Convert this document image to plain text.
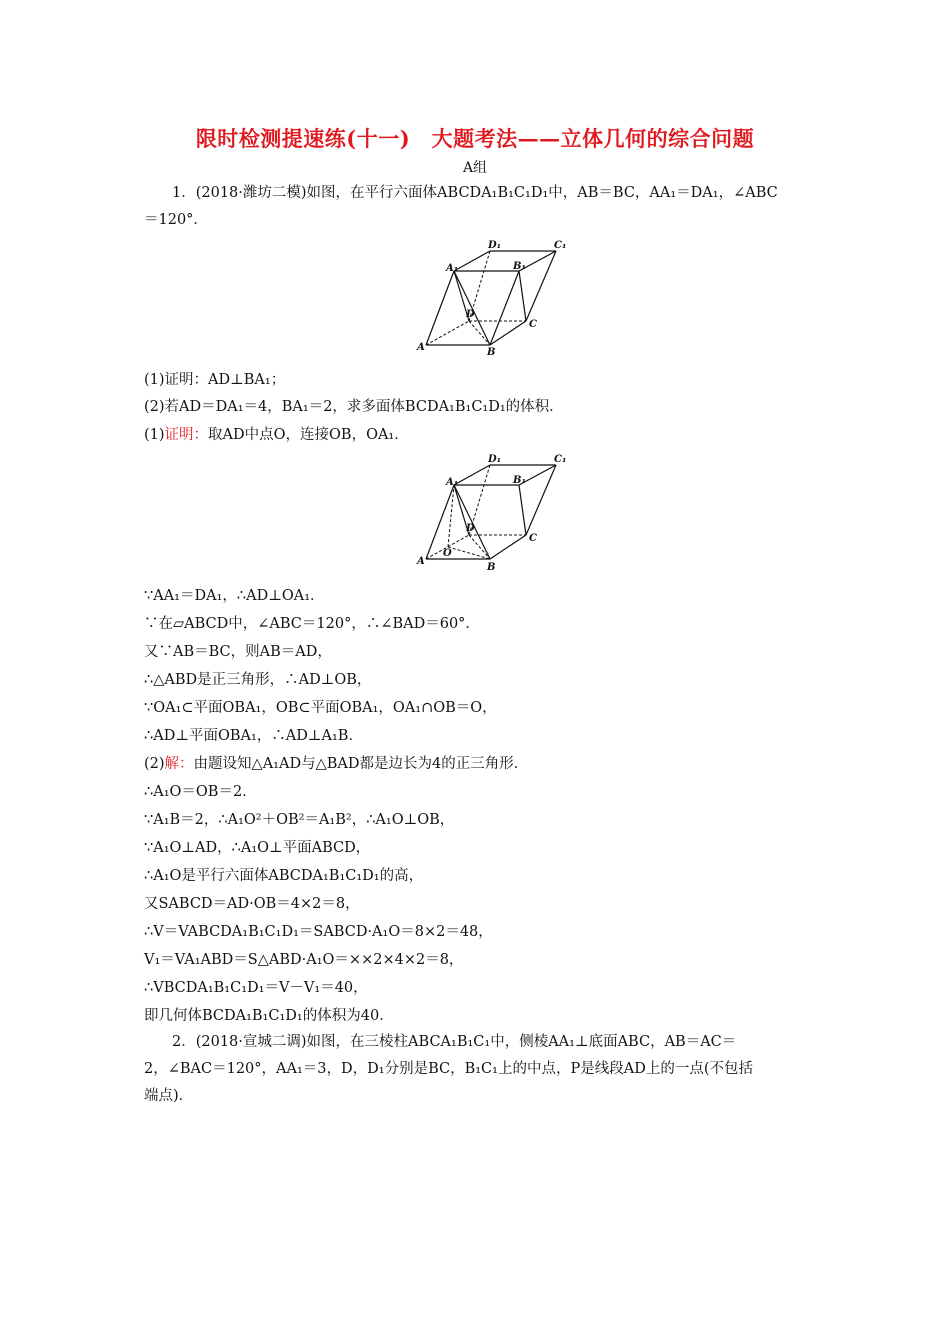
限时检测提速练(十一)　大题考法——立体几何的综合问题
A组
1．(2018·潍坊二模)如图，在平行六面体ABCDA₁B₁C₁D₁中，AB＝BC，AA₁＝DA₁，∠ABC
＝120°．
D₁	C₁
A₁	B₁
D
C
A	B
(1)证明：AD⊥BA₁；
(2)若AD＝DA₁＝4，BA₁＝2，求多面体BCDA₁B₁C₁D₁的体积．
(1)证明：取AD中点O，连接OB，OA₁．
D₁	C₁
A₁	B₁
D
C
O
A
B
∵AA₁＝DA₁，∴AD⊥OA₁．
∵在▱ABCD中，∠ABC＝120°，∴∠BAD＝60°．
又∵AB＝BC，则AB＝AD，
∴△ABD是正三角形，∴AD⊥OB，
∵OA₁⊂平面OBA₁，OB⊂平面OBA₁，OA₁∩OB＝O，
∴AD⊥平面OBA₁，∴AD⊥A₁B．
(2)解：由题设知△A₁AD与△BAD都是边长为4的正三角形．
∴A₁O＝OB＝2．
∵A₁B＝2，∴A₁O²＋OB²＝A₁B²，∴A₁O⊥OB，
∵A₁O⊥AD，∴A₁O⊥平面ABCD，
∴A₁O是平行六面体ABCDA₁B₁C₁D₁的高，
又SABCD＝AD·OB＝4×2＝8，
∴V＝VABCDA₁B₁C₁D₁＝SABCD·A₁O＝8×2＝48，
V₁＝VA₁ABD＝S△ABD·A₁O＝××2×4×2＝8，
∴VBCDA₁B₁C₁D₁＝V－V₁＝40，
即几何体BCDA₁B₁C₁D₁的体积为40．
2．(2018·宣城二调)如图，在三棱柱ABCA₁B₁C₁中，侧棱AA₁⊥底面ABC，AB＝AC＝
2，∠BAC＝120°，AA₁＝3，D，D₁分别是BC，B₁C₁上的中点，P是线段AD上的一点(不包括
端点)．
